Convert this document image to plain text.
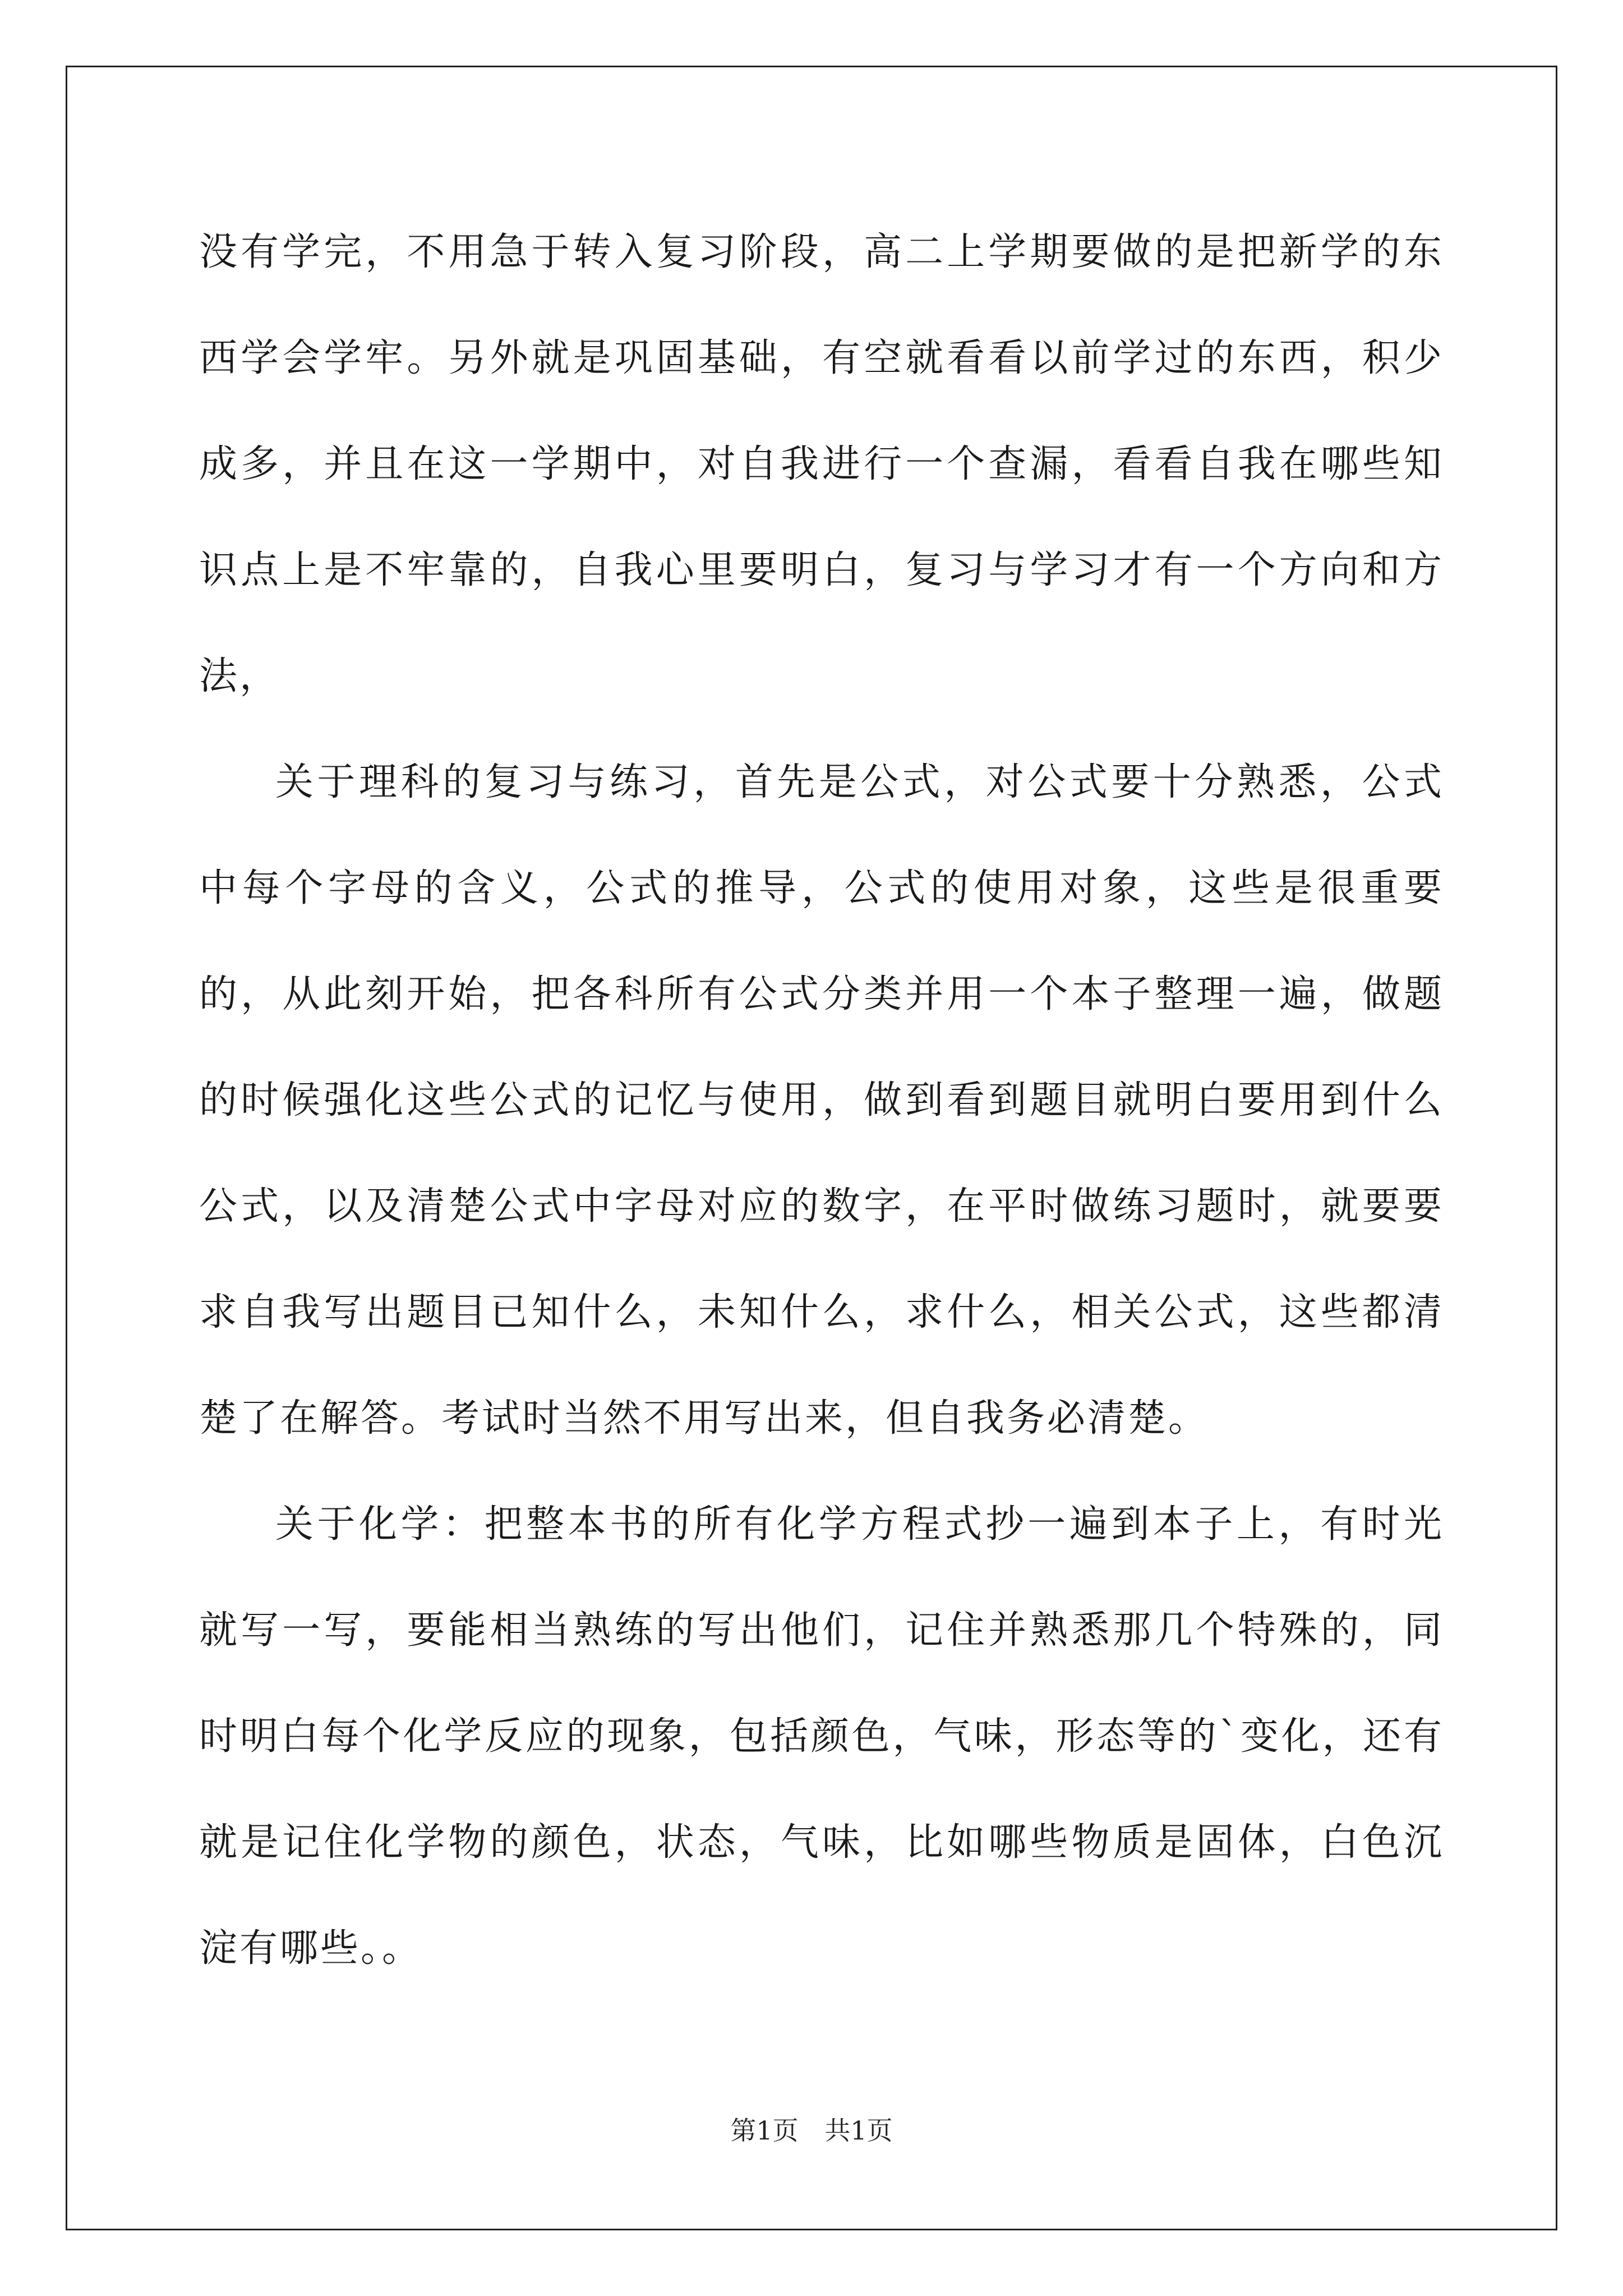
没有学完，不用急于转入复习阶段，高二上学期要做的是把新学的东西学会学牢。另外就是巩固基础，有空就看看以前学过的东西，积少成多，并且在这一学期中，对自我进行一个查漏，看看自我在哪些知识点上是不牢靠的，自我心里要明白，复习与学习才有一个方向和方法，

关于理科的复习与练习，首先是公式，对公式要十分熟悉，公式中每个字母的含义，公式的推导，公式的使用对象，这些是很重要的，从此刻开始，把各科所有公式分类并用一个本子整理一遍，做题的时候强化这些公式的记忆与使用，做到看到题目就明白要用到什么公式，以及清楚公式中字母对应的数字，在平时做练习题时，就要要求自我写出题目已知什么，未知什么，求什么，相关公式，这些都清楚了在解答。考试时当然不用写出来，但自我务必清楚。

关于化学：把整本书的所有化学方程式抄一遍到本子上，有时光就写一写，要能相当熟练的写出他们，记住并熟悉那几个特殊的，同时明白每个化学反应的现象，包括颜色，气味，形态等的`变化，还有就是记住化学物的颜色，状态，气味，比如哪些物质是固体，白色沉淀有哪些。。

第1页 共1页
